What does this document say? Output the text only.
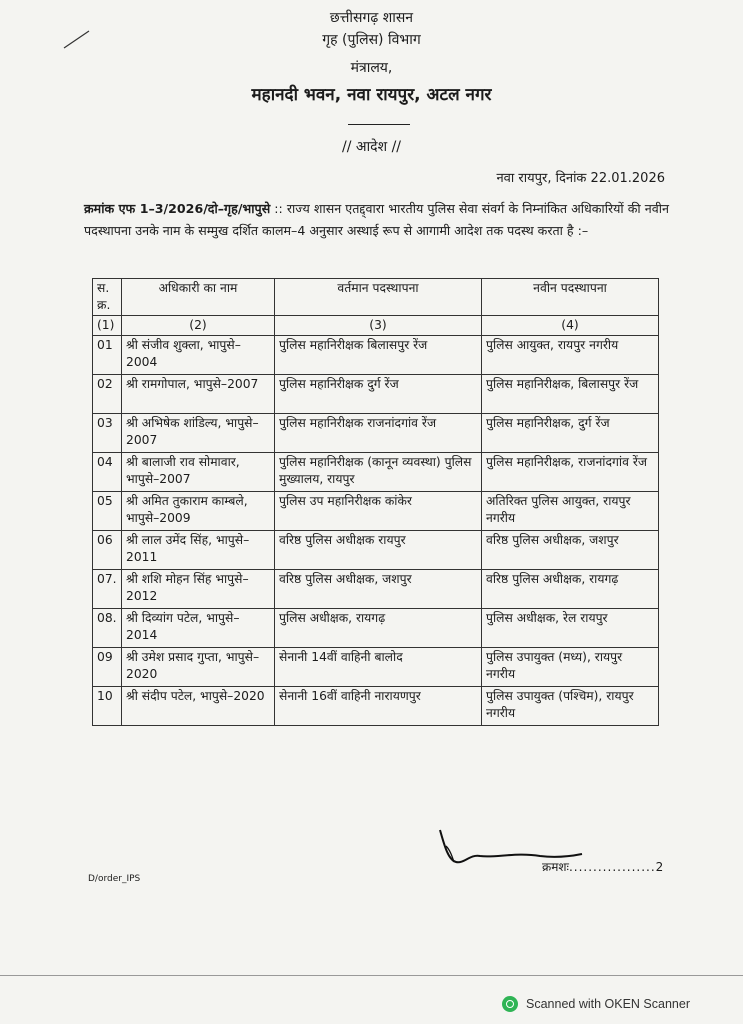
छत्तीसगढ़ शासन
गृह (पुलिस) विभाग
मंत्रालय,
महानदी भवन, नवा रायपुर, अटल नगर
// आदेश //
नवा रायपुर, दिनांक 22.01.2026
क्रमांक एफ 1–3/2026/दो–गृह/भापुसे :: राज्य शासन एतद्द्वारा भारतीय पुलिस सेवा संवर्ग के निम्नांकित अधिकारियों की नवीन पदस्थापना उनके नाम के सम्मुख दर्शित कालम–4 अनुसार अस्थाई रूप से आगामी आदेश तक पदस्थ करता है :–
स. क्र.	अधिकारी का नाम	वर्तमान पदस्थापना	नवीन पदस्थापना
(1)	(2)	(3)	(4)
01	श्री संजीव शुक्ला, भापुसे–2004	पुलिस महानिरीक्षक बिलासपुर रेंज	पुलिस आयुक्त, रायपुर नगरीय
02	श्री रामगोपाल, भापुसे–2007	पुलिस महानिरीक्षक दुर्ग रेंज	पुलिस महानिरीक्षक, बिलासपुर रेंज
03	श्री अभिषेक शांडिल्य, भापुसे–2007	पुलिस महानिरीक्षक राजनांदगांव रेंज	पुलिस महानिरीक्षक, दुर्ग रेंज
04	श्री बालाजी राव सोमावार, भापुसे–2007	पुलिस महानिरीक्षक (कानून व्यवस्था) पुलिस मुख्यालय, रायपुर	पुलिस महानिरीक्षक, राजनांदगांव रेंज
05	श्री अमित तुकाराम काम्बले, भापुसे–2009	पुलिस उप महानिरीक्षक कांकेर	अतिरिक्त पुलिस आयुक्त, रायपुर नगरीय
06	श्री लाल उमेंद सिंह, भापुसे–2011	वरिष्ठ पुलिस अधीक्षक रायपुर	वरिष्ठ पुलिस अधीक्षक, जशपुर
07.	श्री शशि मोहन सिंह भापुसे– 2012	वरिष्ठ पुलिस अधीक्षक, जशपुर	वरिष्ठ पुलिस अधीक्षक, रायगढ़
08.	श्री दिव्यांग पटेल, भापुसे–2014	पुलिस अधीक्षक, रायगढ़	पुलिस अधीक्षक, रेल रायपुर
09	श्री उमेश प्रसाद गुप्ता, भापुसे–2020	सेनानी 14वीं वाहिनी बालोद	पुलिस उपायुक्त (मध्य), रायपुर नगरीय
10	श्री संदीप पटेल, भापुसे–2020	सेनानी 16वीं वाहिनी नारायणपुर	पुलिस उपायुक्त (पश्चिम), रायपुर नगरीय
क्रमशः..................2
D/order_IPS
Scanned with OKEN Scanner
